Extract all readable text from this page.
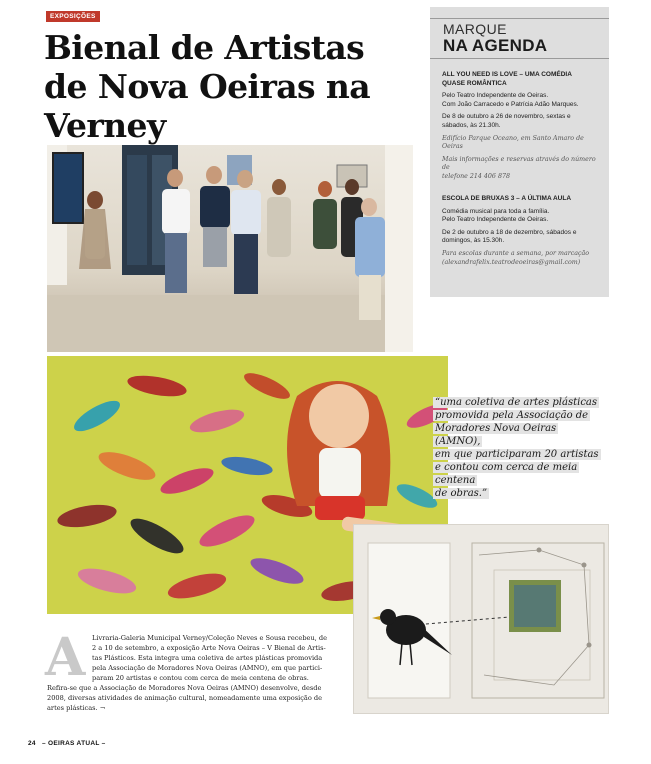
EXPOSIÇÕES
Bienal de Artistas
de Nova Oeiras na
Verney
MARQUE
NA AGENDA

ALL YOU NEED IS LOVE – UMA COMÉDIA
QUASE ROMÂNTICA

Pelo Teatro Independente de Oeiras.
Com João Carracedo e Patrícia Adão Marques.

De 8 de outubro a 26 de novembro, sextas e
sábados, às 21.30h.

Edifício Parque Oceano, em Santo Amaro de
Oeiras

Mais informações e reservas através do número de
telefone 214 406 878

ESCOLA DE BRUXAS 3 – A ÚLTIMA AULA

Comédia musical para toda a família.
Pelo Teatro Independente de Oeiras.

De 2 de outubro a 18 de dezembro, sábados e
domingos, às 15.30h.

Para escolas durante a semana, por marcação
(alexandrafelix.teatrodeoeiras@gmail.com)

“uma coletiva de artes plásticas
promovida pela Associação de
Moradores Nova Oeiras (AMNO),
em que participaram 20 artistas
e contou com cerca de meia centena
de obras.”
A	Livraria-Galeria Municipal Verney/Coleção Neves e Sousa recebeu, de
2 a 10 de setembro, a exposição Arte Nova Oeiras – V Bienal de Artis-
tas Plásticos. Esta integra uma coletiva de artes plásticas promovida
pela Associação de Moradores Nova Oeiras (AMNO), em que partici-
param 20 artistas e contou com cerca de meia centena de obras.
Refira-se que a Associação de Moradores Nova Oeiras (AMNO) desenvolve, desde
2008, diversas atividades de animação cultural, nomeadamente uma exposição de
artes plásticas. ¬
24 – OEIRAS ATUAL –
